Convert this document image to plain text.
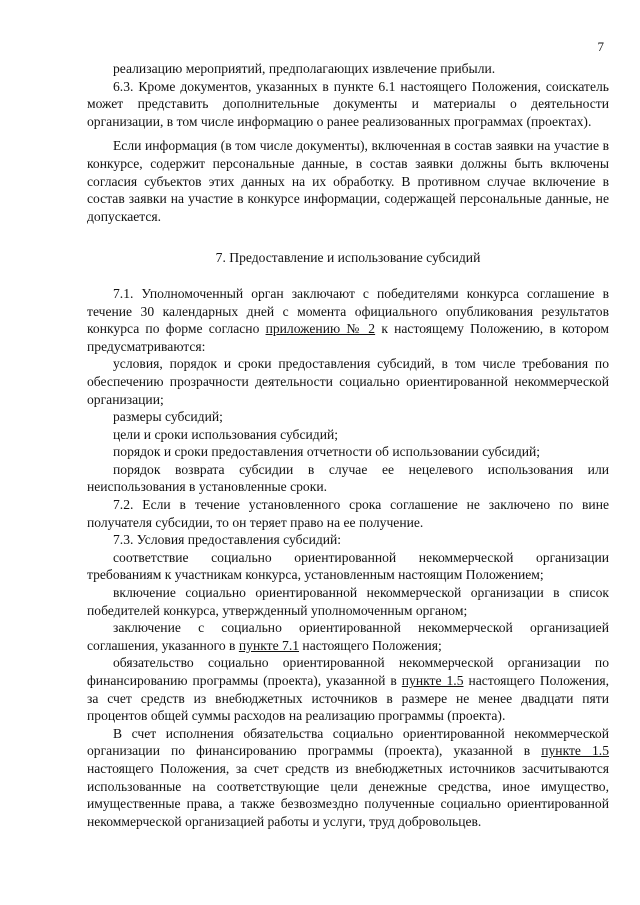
7

реализацию мероприятий, предполагающих извлечение прибыли.

6.3. Кроме документов, указанных в пункте 6.1 настоящего Положения, соискатель может представить дополнительные документы и материалы о деятельности организации, в том числе информацию о ранее реализованных программах (проектах).

Если информация (в том числе документы), включенная в состав заявки на участие в конкурсе, содержит персональные данные, в состав заявки должны быть включены согласия субъектов этих данных на их обработку. В противном случае включение в состав заявки на участие в конкурсе информации, содержащей персональные данные, не допускается.

7. Предоставление и использование субсидий

7.1. Уполномоченный орган заключают с победителями конкурса соглашение в течение 30 календарных дней с момента официального опубликования результатов конкурса по форме согласно приложению № 2 к настоящему Положению, в котором предусматриваются:

условия, порядок и сроки предоставления субсидий, в том числе требования по обеспечению прозрачности деятельности социально ориентированной некоммерческой организации;

размеры субсидий;

цели и сроки использования субсидий;

порядок и сроки предоставления отчетности об использовании субсидий;

порядок возврата субсидии в случае ее нецелевого использования или неиспользования в установленные сроки.

7.2. Если в течение установленного срока соглашение не заключено по вине получателя субсидии, то он теряет право на ее получение.

7.3. Условия предоставления субсидий:

соответствие социально ориентированной некоммерческой организации требованиям к участникам конкурса, установленным настоящим Положением;

включение социально ориентированной некоммерческой организации в список победителей конкурса, утвержденный уполномоченным органом;

заключение с социально ориентированной некоммерческой организацией соглашения, указанного в пункте 7.1 настоящего Положения;

обязательство социально ориентированной некоммерческой организации по финансированию программы (проекта), указанной в пункте 1.5 настоящего Положения, за счет средств из внебюджетных источников в размере не менее двадцати пяти процентов общей суммы расходов на реализацию программы (проекта).

В счет исполнения обязательства социально ориентированной некоммерческой организации по финансированию программы (проекта), указанной в пункте 1.5 настоящего Положения, за счет средств из внебюджетных источников засчитываются использованные на соответствующие цели денежные средства, иное имущество, имущественные права, а также безвозмездно полученные социально ориентированной некоммерческой организацией работы и услуги, труд добровольцев.
